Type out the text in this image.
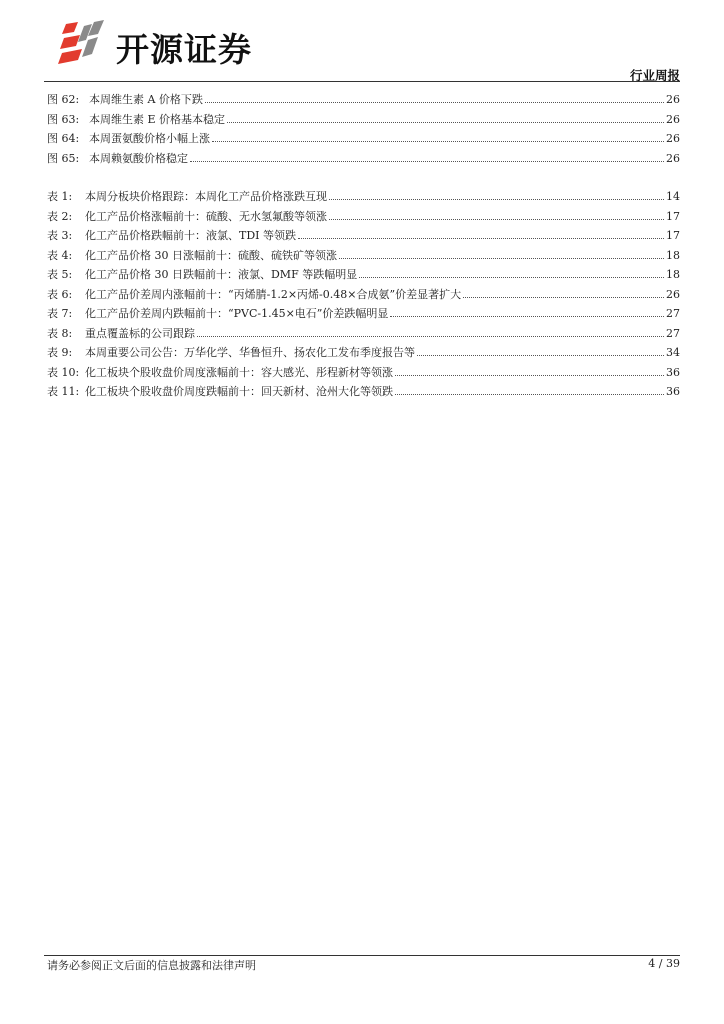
开源证券
行业周报
图 62: 本周维生素 A 价格下跌	26
图 63: 本周维生素 E 价格基本稳定	26
图 64: 本周蛋氨酸价格小幅上涨	26
图 65: 本周赖氨酸价格稳定	26
表 1: 本周分板块价格跟踪：本周化工产品价格涨跌互现	14
表 2: 化工产品价格涨幅前十：硫酸、无水氢氟酸等领涨	17
表 3: 化工产品价格跌幅前十：液氯、TDI 等领跌	17
表 4: 化工产品价格 30 日涨幅前十：硫酸、硫铁矿等领涨	18
表 5: 化工产品价格 30 日跌幅前十：液氯、DMF 等跌幅明显	18
表 6: 化工产品价差周内涨幅前十：“丙烯腈-1.2×丙烯-0.48×合成氨”价差显著扩大	26
表 7: 化工产品价差周内跌幅前十：“PVC-1.45×电石”价差跌幅明显	27
表 8: 重点覆盖标的公司跟踪	27
表 9: 本周重要公司公告：万华化学、华鲁恒升、扬农化工发布季度报告等	34
表 10: 化工板块个股收盘价周度涨幅前十：容大感光、彤程新材等领涨	36
表 11: 化工板块个股收盘价周度跌幅前十：回天新材、沧州大化等领跌	36
请务必参阅正文后面的信息披露和法律声明	4 / 39
